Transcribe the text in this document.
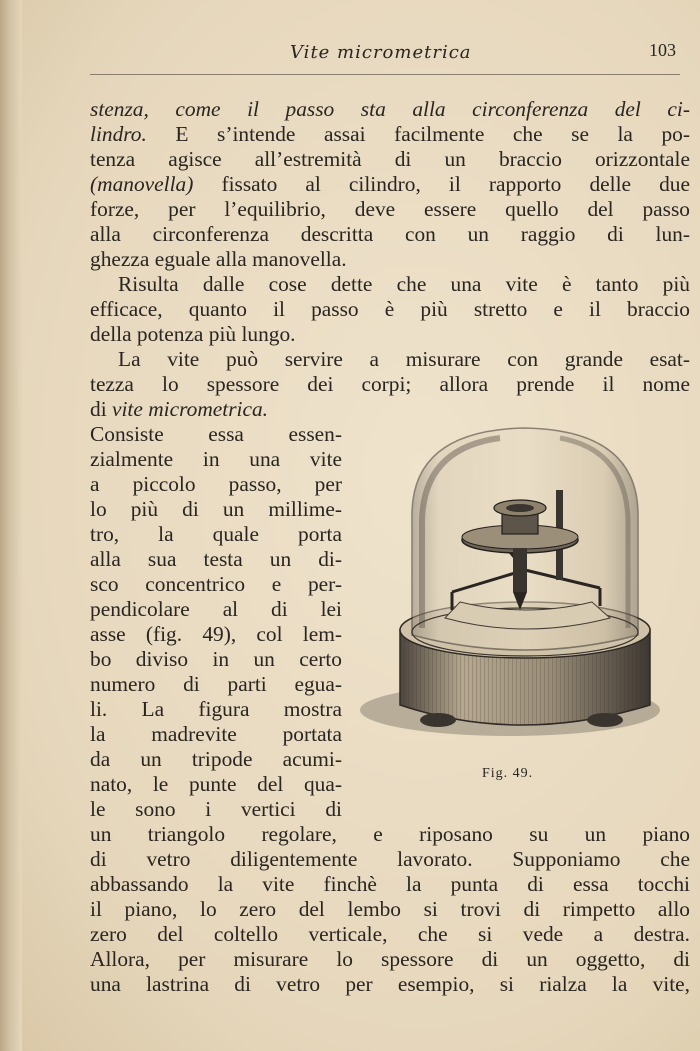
Vite micrometrica	103
stenza, come il passo sta alla circonferenza del ci-
lindro. E s’intende assai facilmente che se la po-
tenza agisce all’estremità di un braccio orizzontale
(manovella) fissato al cilindro, il rapporto delle due
forze, per l’equilibrio, deve essere quello del passo
alla circonferenza descritta con un raggio di lun-
ghezza eguale alla manovella.
Risulta dalle cose dette che una vite è tanto più
efficace, quanto il passo è più stretto e il braccio
della potenza più lungo.
La vite può servire a misurare con grande esat-
tezza lo spessore dei corpi; allora prende il nome
di vite micrometrica.
Consiste essa essen-
zialmente in una vite
a piccolo passo, per
lo più di un millime-
tro, la quale porta
alla sua testa un di-
sco concentrico e per-
pendicolare al di lei
asse (fig. 49), col lem-
bo diviso in un certo
numero di parti egua-
li. La figura mostra
la madrevite portata
da un tripode acumi-
nato, le punte del qua-
le sono i vertici di
un triangolo regolare, e riposano su un piano
di vetro diligentemente lavorato. Supponiamo che
abbassando la vite finchè la punta di essa tocchi
il piano, lo zero del lembo si trovi di rimpetto allo
zero del coltello verticale, che si vede a destra.
Allora, per misurare lo spessore di un oggetto, di
una lastrina di vetro per esempio, si rialza la vite,
Fig. 49.
